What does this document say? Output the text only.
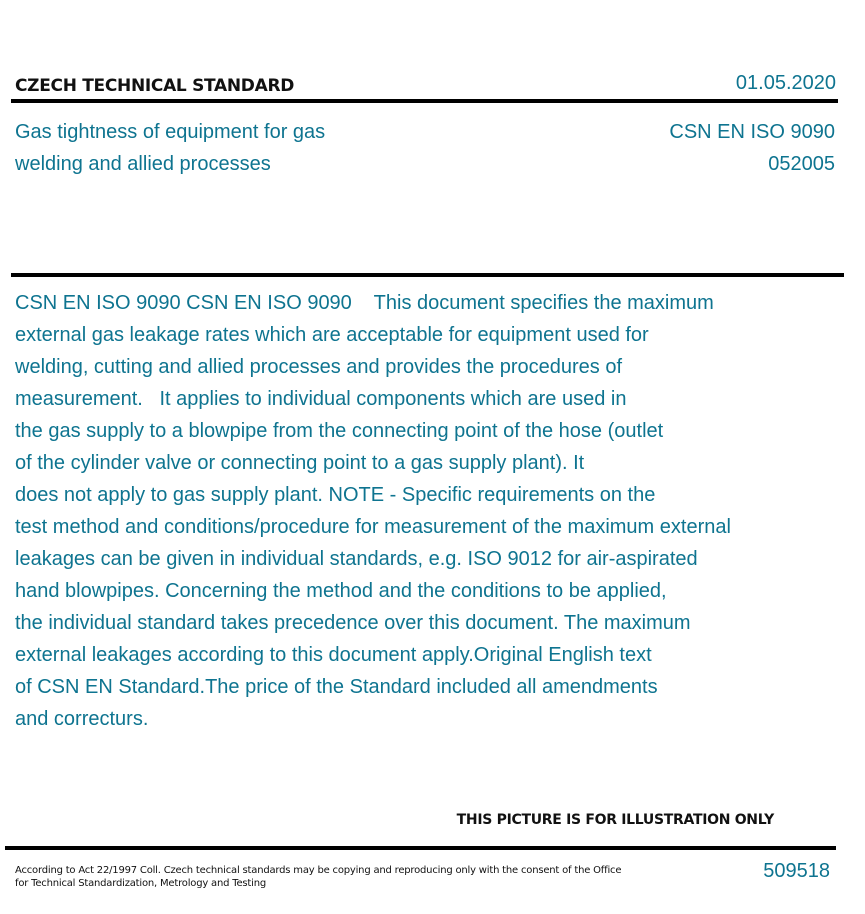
CZECH TECHNICAL STANDARD	01.05.2020
Gas tightness of equipment for gas
welding and allied processes
CSN EN ISO 9090
052005
CSN EN ISO 9090 CSN EN ISO 9090    This document specifies the maximum
external gas leakage rates which are acceptable for equipment used for
welding, cutting and allied processes and provides the procedures of
measurement.   It applies to individual components which are used in
the gas supply to a blowpipe from the connecting point of the hose (outlet
of the cylinder valve or connecting point to a gas supply plant). It
does not apply to gas supply plant. NOTE - Specific requirements on the
test method and conditions/procedure for measurement of the maximum external
leakages can be given in individual standards, e.g. ISO 9012 for air-aspirated
hand blowpipes. Concerning the method and the conditions to be applied,
the individual standard takes precedence over this document. The maximum
external leakages according to this document apply.Original English text
of CSN EN Standard.The price of the Standard included all amendments
and correcturs.
THIS PICTURE IS FOR ILLUSTRATION ONLY
According to Act 22/1997 Coll. Czech technical standards may be copying and reproducing only with the consent of the Office
for Technical Standardization, Metrology and Testing
509518
